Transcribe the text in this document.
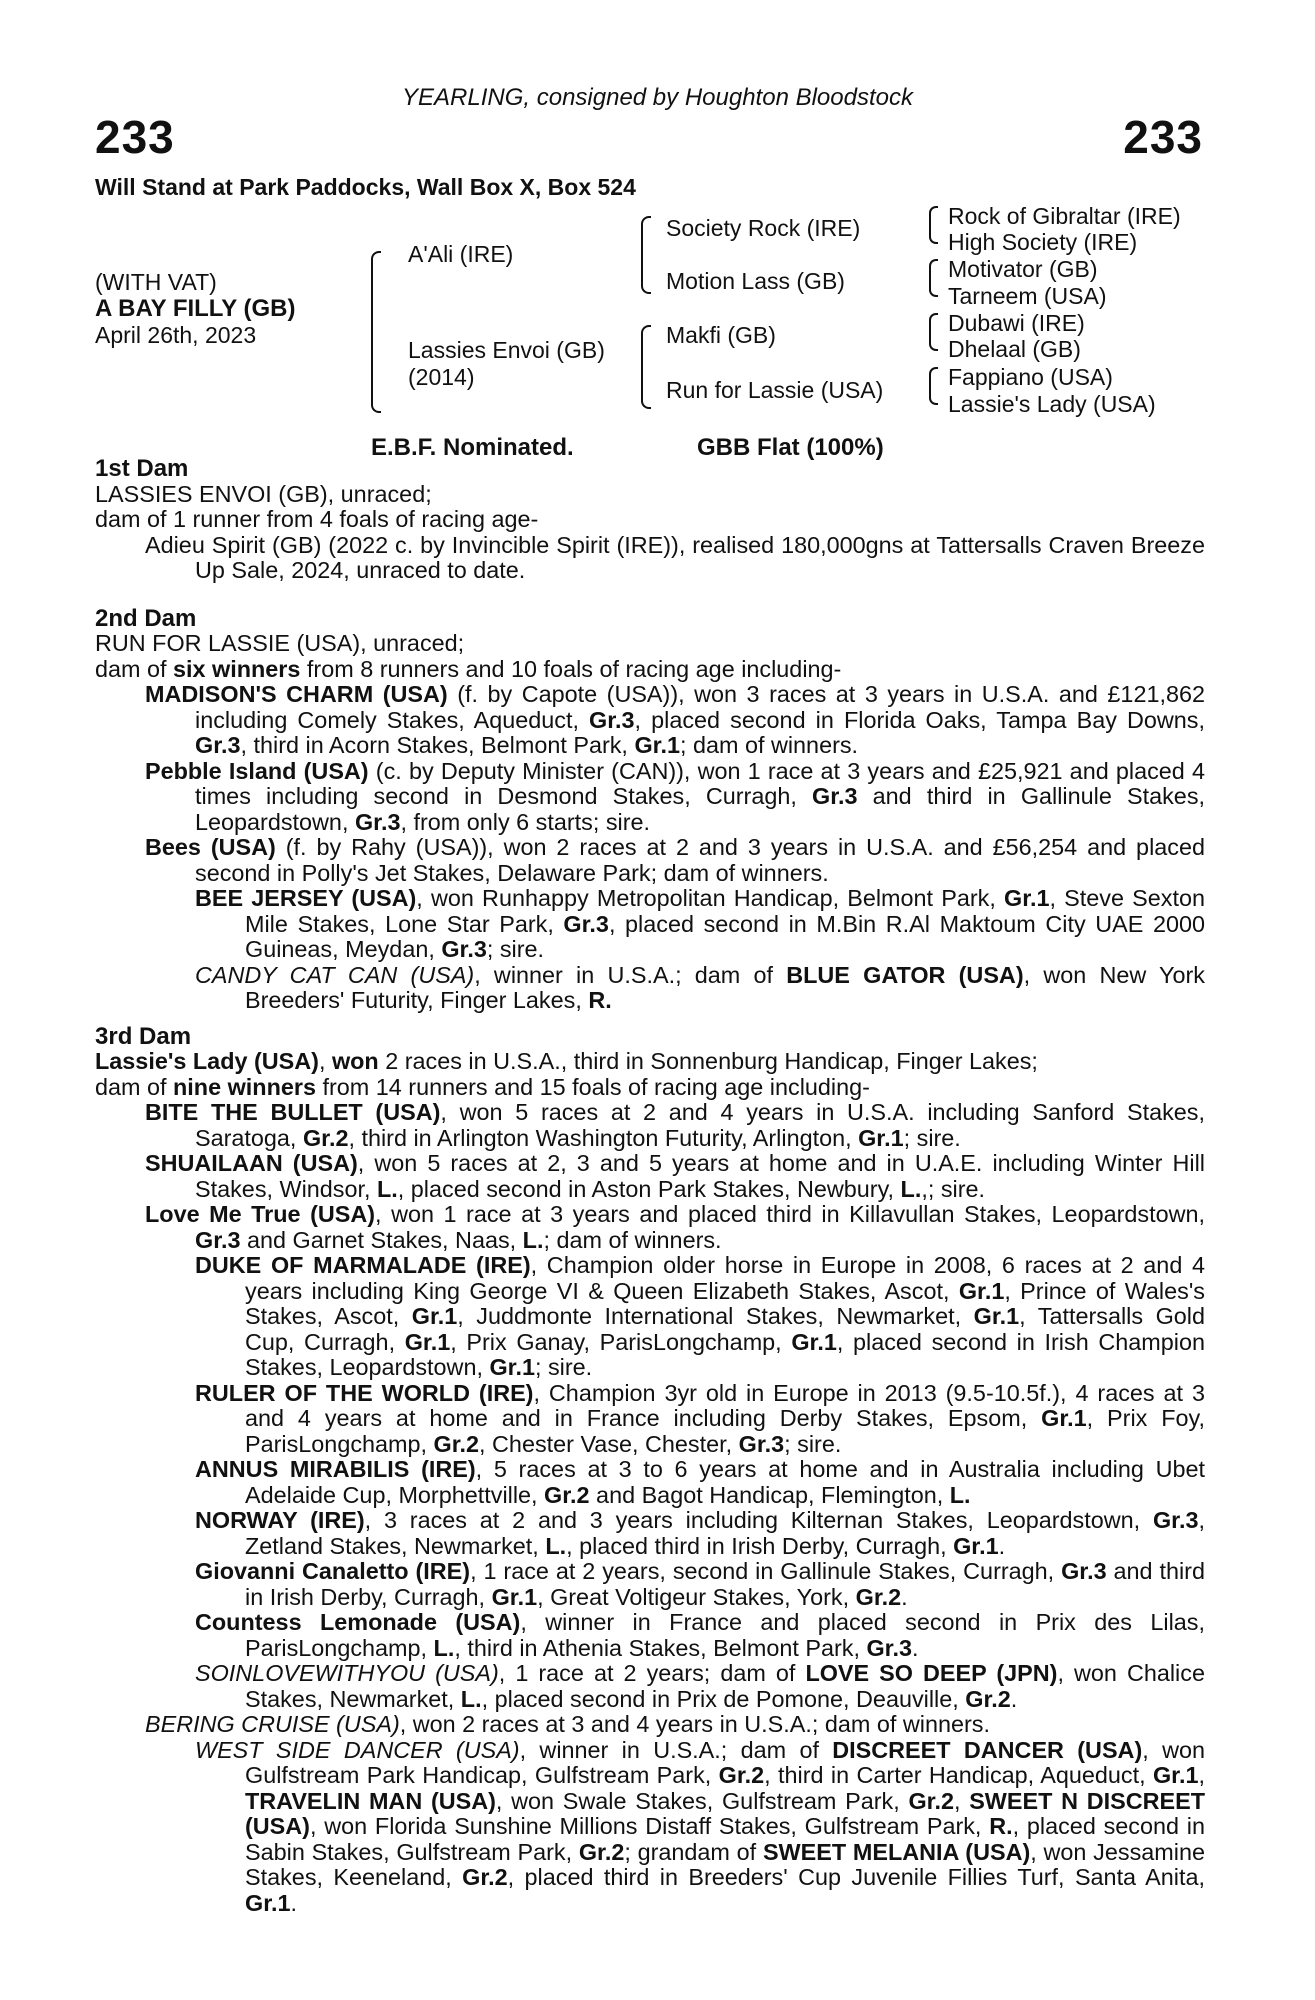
YEARLING, consigned by Houghton Bloodstock
233	233
Will Stand at Park Paddocks, Wall Box X, Box 524
(WITH VAT)
A BAY FILLY (GB)
April 26th, 2023
A'Ali (IRE)
Lassies Envoi (GB)
(2014)
Society Rock (IRE)
Motion Lass (GB)
Makfi (GB)
Run for Lassie (USA)
Rock of Gibraltar (IRE)
High Society (IRE)
Motivator (GB)
Tarneem (USA)
Dubawi (IRE)
Dhelaal (GB)
Fappiano (USA)
Lassie's Lady (USA)
E.B.F. Nominated.	GBB Flat (100%)
1st Dam

LASSIES ENVOI (GB), unraced;

dam of 1 runner from 4 foals of racing age-

Adieu Spirit (GB) (2022 c. by Invincible Spirit (IRE)), realised 180,000gns at Tattersalls Craven Breeze Up Sale, 2024, unraced to date.

2nd Dam

RUN FOR LASSIE (USA), unraced;

dam of six winners from 8 runners and 10 foals of racing age including-

MADISON'S CHARM (USA) (f. by Capote (USA)), won 3 races at 3 years in U.S.A. and £121,862 including Comely Stakes, Aqueduct, Gr.3, placed second in Florida Oaks, Tampa Bay Downs, Gr.3, third in Acorn Stakes, Belmont Park, Gr.1; dam of winners.

Pebble Island (USA) (c. by Deputy Minister (CAN)), won 1 race at 3 years and £25,921 and placed 4 times including second in Desmond Stakes, Curragh, Gr.3 and third in Gallinule Stakes, Leopardstown, Gr.3, from only 6 starts; sire.

Bees (USA) (f. by Rahy (USA)), won 2 races at 2 and 3 years in U.S.A. and £56,254 and placed second in Polly's Jet Stakes, Delaware Park; dam of winners.

BEE JERSEY (USA), won Runhappy Metropolitan Handicap, Belmont Park, Gr.1, Steve Sexton Mile Stakes, Lone Star Park, Gr.3, placed second in M.Bin R.Al Maktoum City UAE 2000 Guineas, Meydan, Gr.3; sire.

CANDY CAT CAN (USA), winner in U.S.A.; dam of BLUE GATOR (USA), won New York Breeders' Futurity, Finger Lakes, R.

3rd Dam

Lassie's Lady (USA), won 2 races in U.S.A., third in Sonnenburg Handicap, Finger Lakes;

dam of nine winners from 14 runners and 15 foals of racing age including-

BITE THE BULLET (USA), won 5 races at 2 and 4 years in U.S.A. including Sanford Stakes, Saratoga, Gr.2, third in Arlington Washington Futurity, Arlington, Gr.1; sire.

SHUAILAAN (USA), won 5 races at 2, 3 and 5 years at home and in U.A.E. including Winter Hill Stakes, Windsor, L., placed second in Aston Park Stakes, Newbury, L.,; sire.

Love Me True (USA), won 1 race at 3 years and placed third in Killavullan Stakes, Leopardstown, Gr.3 and Garnet Stakes, Naas, L.; dam of winners.

DUKE OF MARMALADE (IRE), Champion older horse in Europe in 2008, 6 races at 2 and 4 years including King George VI & Queen Elizabeth Stakes, Ascot, Gr.1, Prince of Wales's Stakes, Ascot, Gr.1, Juddmonte International Stakes, Newmarket, Gr.1, Tattersalls Gold Cup, Curragh, Gr.1, Prix Ganay, ParisLongchamp, Gr.1, placed second in Irish Champion Stakes, Leopardstown, Gr.1; sire.

RULER OF THE WORLD (IRE), Champion 3yr old in Europe in 2013 (9.5-10.5f.), 4 races at 3 and 4 years at home and in France including Derby Stakes, Epsom, Gr.1, Prix Foy, ParisLongchamp, Gr.2, Chester Vase, Chester, Gr.3; sire.

ANNUS MIRABILIS (IRE), 5 races at 3 to 6 years at home and in Australia including Ubet Adelaide Cup, Morphettville, Gr.2 and Bagot Handicap, Flemington, L.

NORWAY (IRE), 3 races at 2 and 3 years including Kilternan Stakes, Leopardstown, Gr.3, Zetland Stakes, Newmarket, L., placed third in Irish Derby, Curragh, Gr.1.

Giovanni Canaletto (IRE), 1 race at 2 years, second in Gallinule Stakes, Curragh, Gr.3 and third in Irish Derby, Curragh, Gr.1, Great Voltigeur Stakes, York, Gr.2.

Countess Lemonade (USA), winner in France and placed second in Prix des Lilas, ParisLongchamp, L., third in Athenia Stakes, Belmont Park, Gr.3.

SOINLOVEWITHYOU (USA), 1 race at 2 years; dam of LOVE SO DEEP (JPN), won Chalice Stakes, Newmarket, L., placed second in Prix de Pomone, Deauville, Gr.2.

BERING CRUISE (USA), won 2 races at 3 and 4 years in U.S.A.; dam of winners.

WEST SIDE DANCER (USA), winner in U.S.A.; dam of DISCREET DANCER (USA), won Gulfstream Park Handicap, Gulfstream Park, Gr.2, third in Carter Handicap, Aqueduct, Gr.1, TRAVELIN MAN (USA), won Swale Stakes, Gulfstream Park, Gr.2, SWEET N DISCREET (USA), won Florida Sunshine Millions Distaff Stakes, Gulfstream Park, R., placed second in Sabin Stakes, Gulfstream Park, Gr.2; grandam of SWEET MELANIA (USA), won Jessamine Stakes, Keeneland, Gr.2, placed third in Breeders' Cup Juvenile Fillies Turf, Santa Anita, Gr.1.
